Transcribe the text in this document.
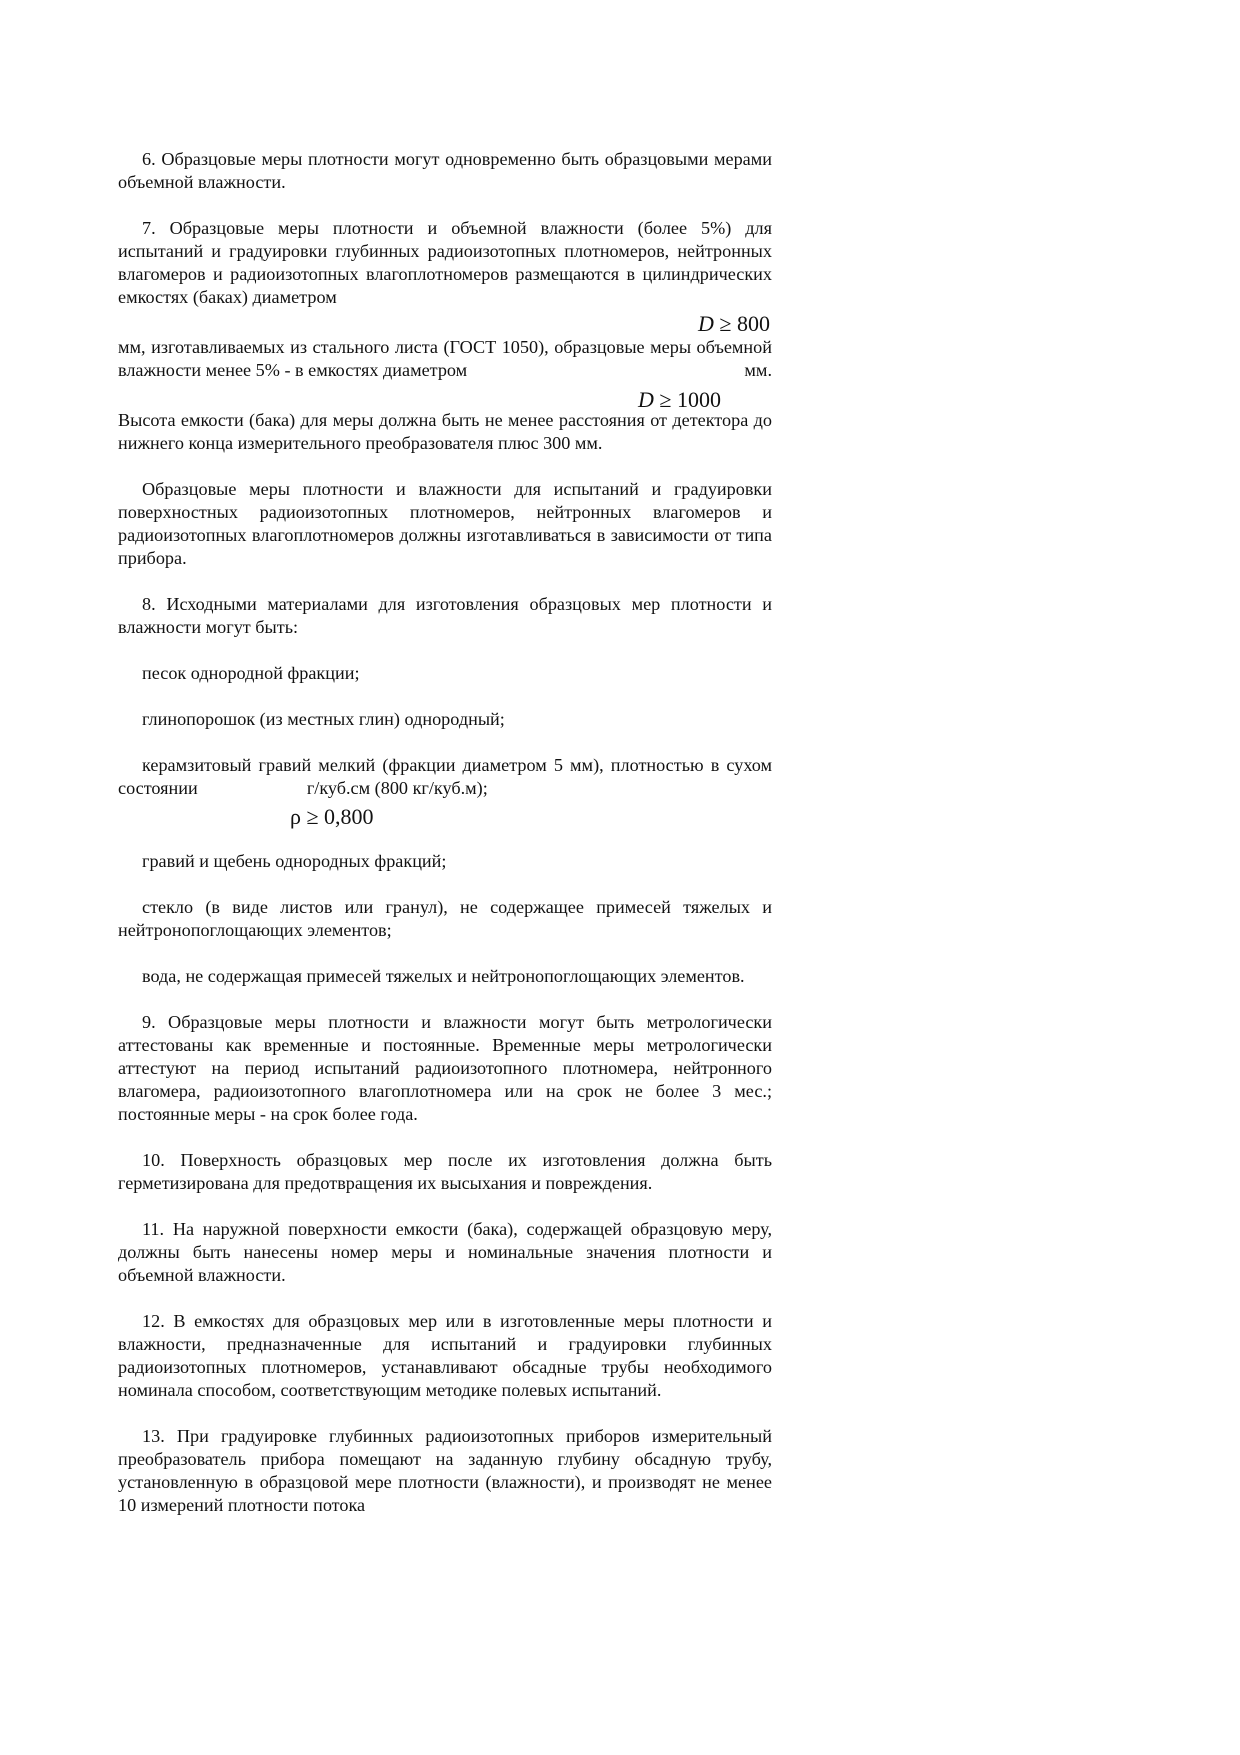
6. Образцовые меры плотности могут одновременно быть образцовыми мерами объемной влажности.

7. Образцовые меры плотности и объемной влажности (более 5%) для испытаний и градуировки глубинных радиоизотопных плотномеров, нейтронных влагомеров и радиоизотопных влагоплотномеров размещаются в цилиндрических емкостях (баках) диаметром

D ≥ 800

мм, изготавливаемых из стального листа (ГОСТ 1050), образцовые меры объемной влажности менее 5% - в емкостях диаметром	мм.

D ≥ 1000

Высота емкости (бака) для меры должна быть не менее расстояния от детектора до нижнего конца измерительного преобразователя плюс 300 мм.

Образцовые меры плотности и влажности для испытаний и градуировки поверхностных радиоизотопных плотномеров, нейтронных влагомеров и радиоизотопных влагоплотномеров должны изготавливаться в зависимости от типа прибора.

8. Исходными материалами для изготовления образцовых мер плотности и влажности могут быть:

песок однородной фракции;

глинопорошок (из местных глин) однородный;

керамзитовый гравий мелкий (фракции диаметром 5 мм), плотностью в сухом состоянии	г/куб.см (800 кг/куб.м);

ρ ≥ 0,800

гравий и щебень однородных фракций;

стекло (в виде листов или гранул), не содержащее примесей тяжелых и нейтронопоглощающих элементов;

вода, не содержащая примесей тяжелых и нейтронопоглощающих элементов.

9. Образцовые меры плотности и влажности могут быть метрологически аттестованы как временные и постоянные. Временные меры метрологически аттестуют на период испытаний радиоизотопного плотномера, нейтронного влагомера, радиоизотопного влагоплотномера или на срок не более 3 мес.; постоянные меры - на срок более года.

10. Поверхность образцовых мер после их изготовления должна быть герметизирована для предотвращения их высыхания и повреждения.

11. На наружной поверхности емкости (бака), содержащей образцовую меру, должны быть нанесены номер меры и номинальные значения плотности и объемной влажности.

12. В емкостях для образцовых мер или в изготовленные меры плотности и влажности, предназначенные для испытаний и градуировки глубинных радиоизотопных плотномеров, устанавливают обсадные трубы необходимого номинала способом, соответствующим методике полевых испытаний.

13. При градуировке глубинных радиоизотопных приборов измерительный преобразователь прибора помещают на заданную глубину обсадную трубу, установленную в образцовой мере плотности (влажности), и производят не менее 10 измерений плотности потока
